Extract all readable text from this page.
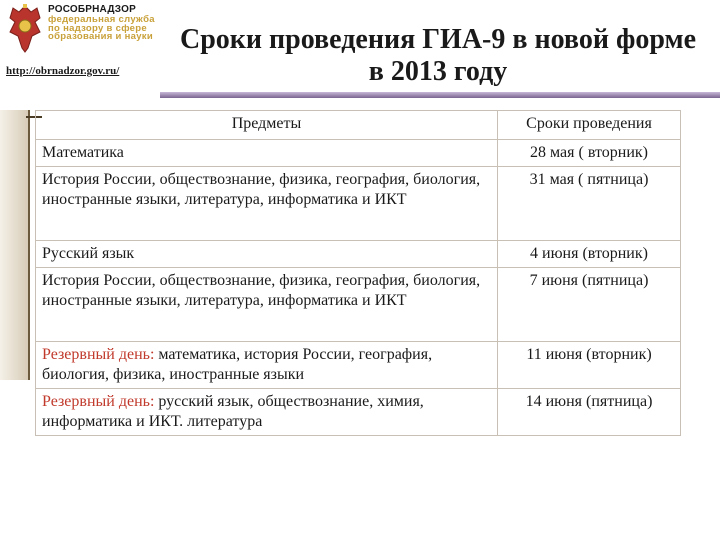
РОСОБРНАДЗОР
федеральная служба по надзору в сфере образования и науки
http://obrnadzor.gov.ru/
Сроки проведения ГИА-9 в новой форме
в 2013 году
Предметы	Сроки проведения
Математика	28 мая ( вторник)
История России, обществознание, физика, география, биология, иностранные языки, литература, информатика и ИКТ	31 мая ( пятница)
Русский язык	4 июня (вторник)
История России, обществознание, физика, география, биология, иностранные языки, литература, информатика и ИКТ	7 июня (пятница)
Резервный день: математика, история России, география, биология, физика, иностранные языки	11 июня (вторник)
Резервный день: русский язык, обществознание, химия, информатика и ИКТ. литература	14 июня (пятница)
